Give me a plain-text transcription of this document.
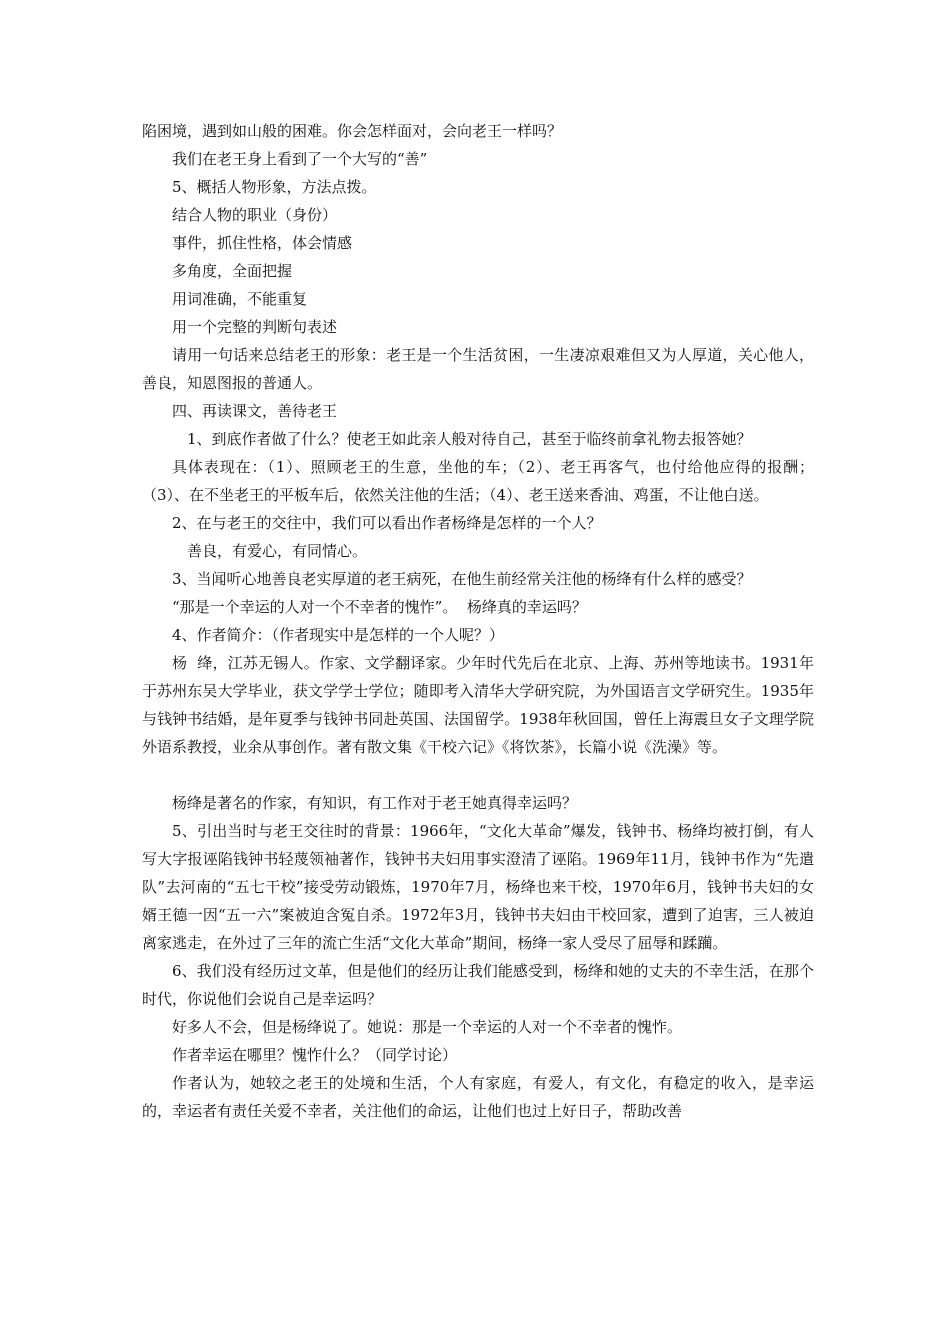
陷困境，遇到如山般的困难。你会怎样面对，会向老王一样吗？

我们在老王身上看到了一个大写的“善”

5、概括人物形象，方法点拨。

结合人物的职业（身份）

事件，抓住性格，体会情感

多角度，全面把握

用词准确，不能重复

用一个完整的判断句表述

请用一句话来总结老王的形象：老王是一个生活贫困，一生凄凉艰难但又为人厚道，关心他人，善良，知恩图报的普通人。

四、再读课文，善待老王

1、到底作者做了什么？使老王如此亲人般对待自己，甚至于临终前拿礼物去报答她？

具体表现在：（1）、照顾老王的生意，坐他的车；（2）、老王再客气，也付给他应得的报酬；（3）、在不坐老王的平板车后，依然关注他的生活；（4）、老王送来香油、鸡蛋，不让他白送。

2、在与老王的交往中，我们可以看出作者杨绛是怎样的一个人？

善良，有爱心，有同情心。

3、当闻听心地善良老实厚道的老王病死，在他生前经常关注他的杨绛有什么样的感受？

“那是一个幸运的人对一个不幸者的愧怍”。  杨绛真的幸运吗？

4、作者简介：（作者现实中是怎样的一个人呢？）

杨  绛，江苏无锡人。作家、文学翻译家。少年时代先后在北京、上海、苏州等地读书。1931年于苏州东吴大学毕业，获文学学士学位；随即考入清华大学研究院，为外国语言文学研究生。1935年与钱钟书结婚，是年夏季与钱钟书同赴英国、法国留学。1938年秋回国，曾任上海震旦女子文理学院外语系教授，业余从事创作。著有散文集《干校六记》《将饮茶》，长篇小说《洗澡》等。

杨绛是著名的作家，有知识，有工作对于老王她真得幸运吗？

5、引出当时与老王交往时的背景：1966年，“文化大革命”爆发，钱钟书、杨绛均被打倒，有人写大字报诬陷钱钟书轻蔑领袖著作，钱钟书夫妇用事实澄清了诬陷。1969年11月，钱钟书作为“先遣队”去河南的“五七干校”接受劳动锻炼，1970年7月，杨绛也来干校，1970年6月，钱钟书夫妇的女婿王德一因“五一六”案被迫含冤自杀。1972年3月，钱钟书夫妇由干校回家，遭到了迫害，三人被迫离家逃走，在外过了三年的流亡生活“文化大革命”期间，杨绛一家人受尽了屈辱和蹂躏。

6、我们没有经历过文革，但是他们的经历让我们能感受到，杨绛和她的丈夫的不幸生活，在那个时代，你说他们会说自己是幸运吗？

好多人不会，但是杨绛说了。她说：那是一个幸运的人对一个不幸者的愧怍。

作者幸运在哪里？愧怍什么？（同学讨论）

作者认为，她较之老王的处境和生活，个人有家庭，有爱人，有文化，有稳定的收入，是幸运的，幸运者有责任关爱不幸者，关注他们的命运，让他们也过上好日子，帮助改善
